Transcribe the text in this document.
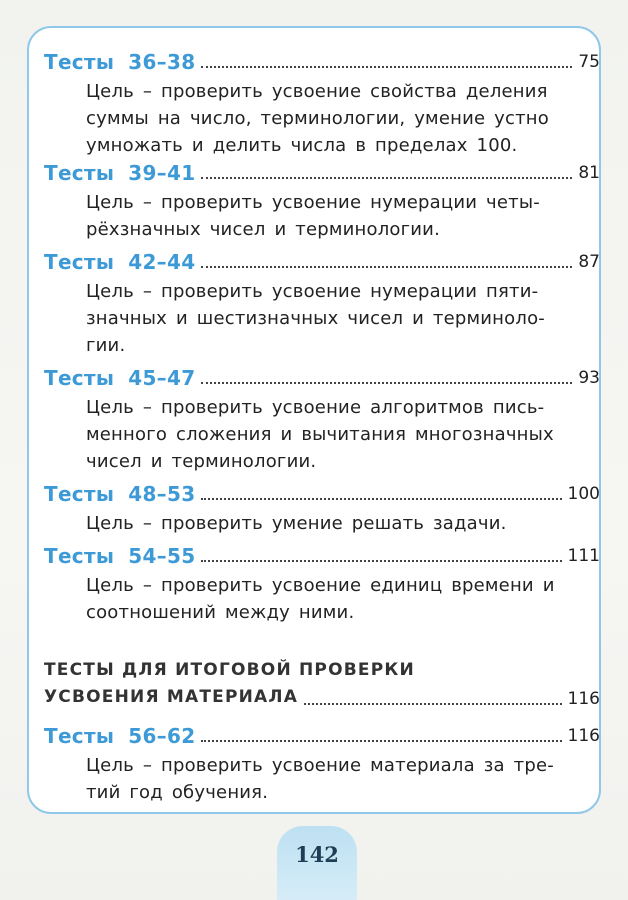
Тесты 36–38	75
Цель – проверить усвоение свойства деления
суммы на число, терминологии, умение устно
умножать и делить числа в пределах 100.
Тесты 39–41	81
Цель – проверить усвоение нумерации четы-
рёхзначных чисел и терминологии.
Тесты 42–44	87
Цель – проверить усвоение нумерации пяти-
значных и шестизначных чисел и терминоло-
гии.
Тесты 45–47	93
Цель – проверить усвоение алгоритмов пись-
менного сложения и вычитания многозначных
чисел и терминологии.
Тесты 48–53	100
Цель – проверить умение решать задачи.
Тесты 54–55	111
Цель – проверить усвоение единиц времени и
соотношений между ними.
ТЕСТЫ ДЛЯ ИТОГОВОЙ ПРОВЕРКИ
УСВОЕНИЯ МАТЕРИАЛА	116
Тесты 56–62	116
Цель – проверить усвоение материала за тре-
тий год обучения.
142
